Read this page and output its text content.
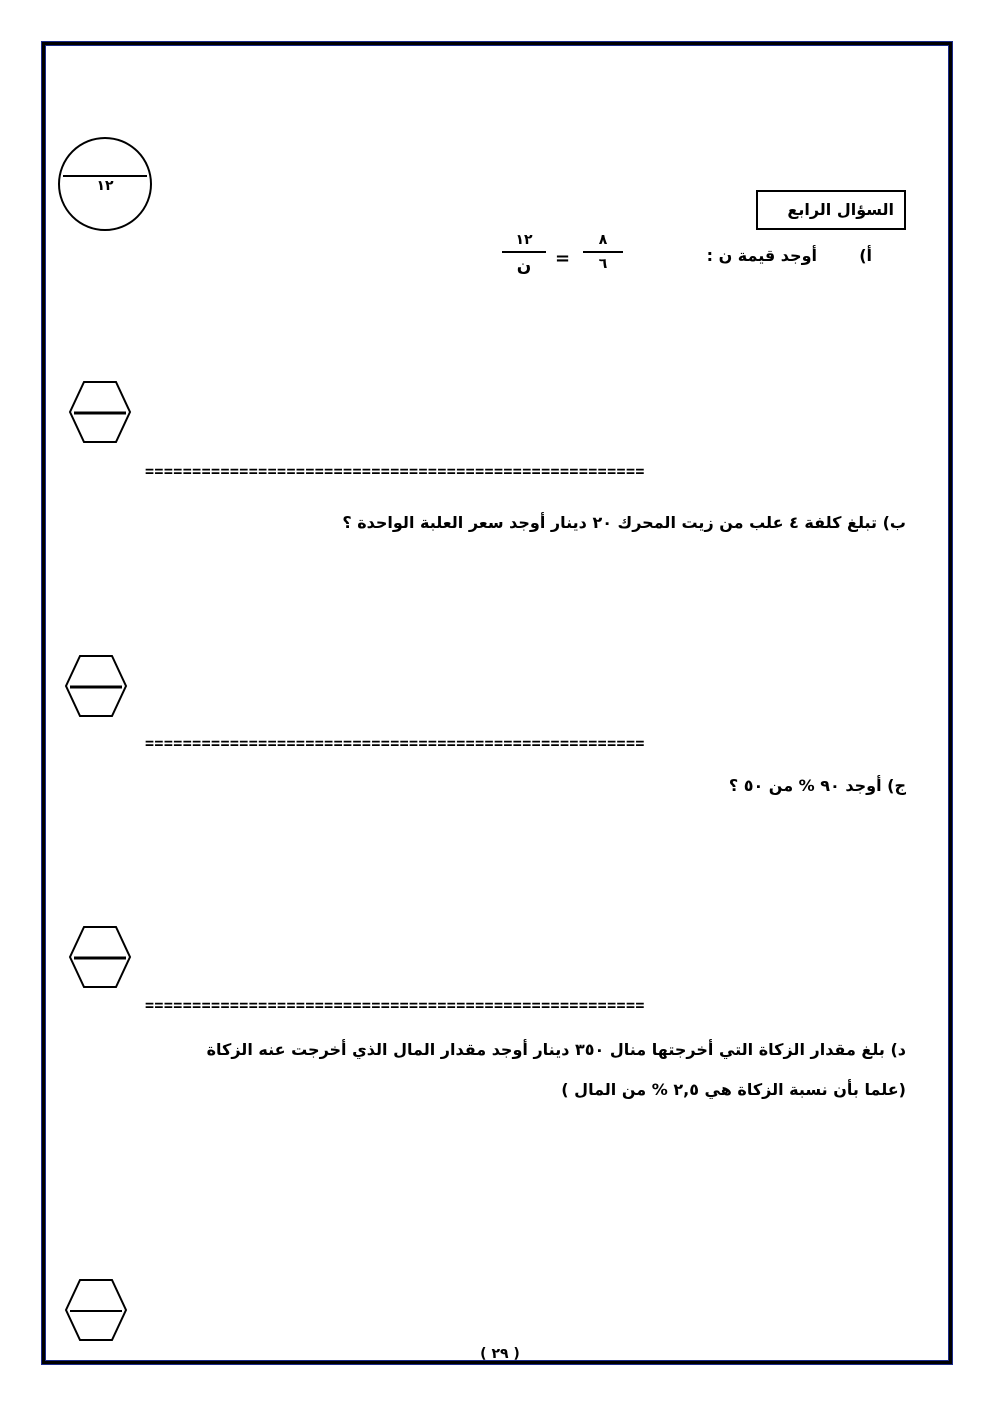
١٢
السؤال الرابع
أ)
أوجد قيمة ن :
٨
٦
=
١٢
ن
=====================================================
ب) تبلغ كلفة ٤ علب من زيت المحرك ٢٠ دينار أوجد سعر العلبة الواحدة ؟
=====================================================
ج) أوجد ٩٠ % من ٥٠ ؟
=====================================================
د) بلغ مقدار الزكاة التي أخرجتها منال ٣٥٠ دينار أوجد مقدار المال الذي أخرجت عنه الزكاة
(علما بأن نسبة الزكاة هي ٢,٥ % من المال )
( ٢٩ )
